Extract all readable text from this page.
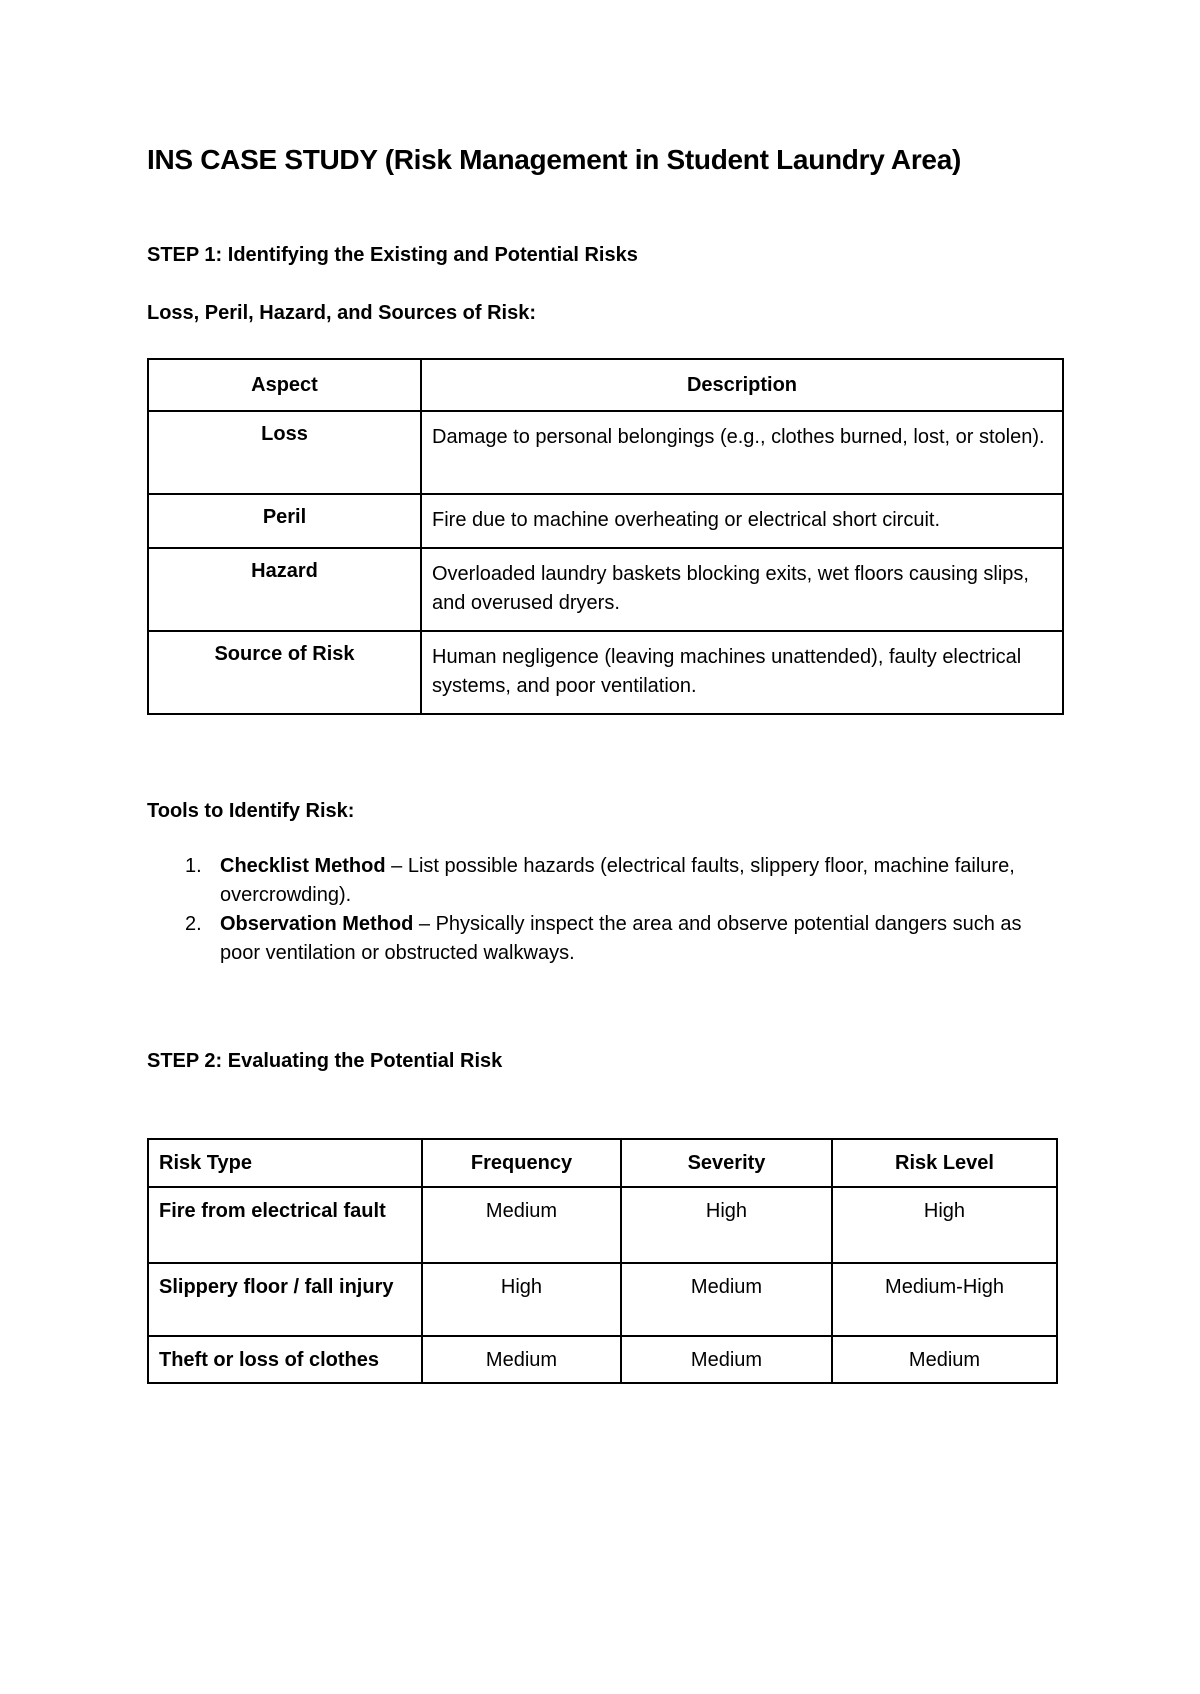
INS CASE STUDY (Risk Management in Student Laundry Area)
STEP 1: Identifying the Existing and Potential Risks
Loss, Peril, Hazard, and Sources of Risk:
Aspect	Description
Loss	Damage to personal belongings (e.g., clothes burned, lost, or stolen).
Peril	Fire due to machine overheating or electrical short circuit.
Hazard	Overloaded laundry baskets blocking exits, wet floors causing slips, and overused dryers.
Source of Risk	Human negligence (leaving machines unattended), faulty electrical systems, and poor ventilation.
Tools to Identify Risk:
1. Checklist Method – List possible hazards (electrical faults, slippery floor, machine failure, overcrowding).
2. Observation Method – Physically inspect the area and observe potential dangers such as poor ventilation or obstructed walkways.
STEP 2: Evaluating the Potential Risk
Risk Type	Frequency	Severity	Risk Level
Fire from electrical fault	Medium	High	High
Slippery floor / fall injury	High	Medium	Medium-High
Theft or loss of clothes	Medium	Medium	Medium
